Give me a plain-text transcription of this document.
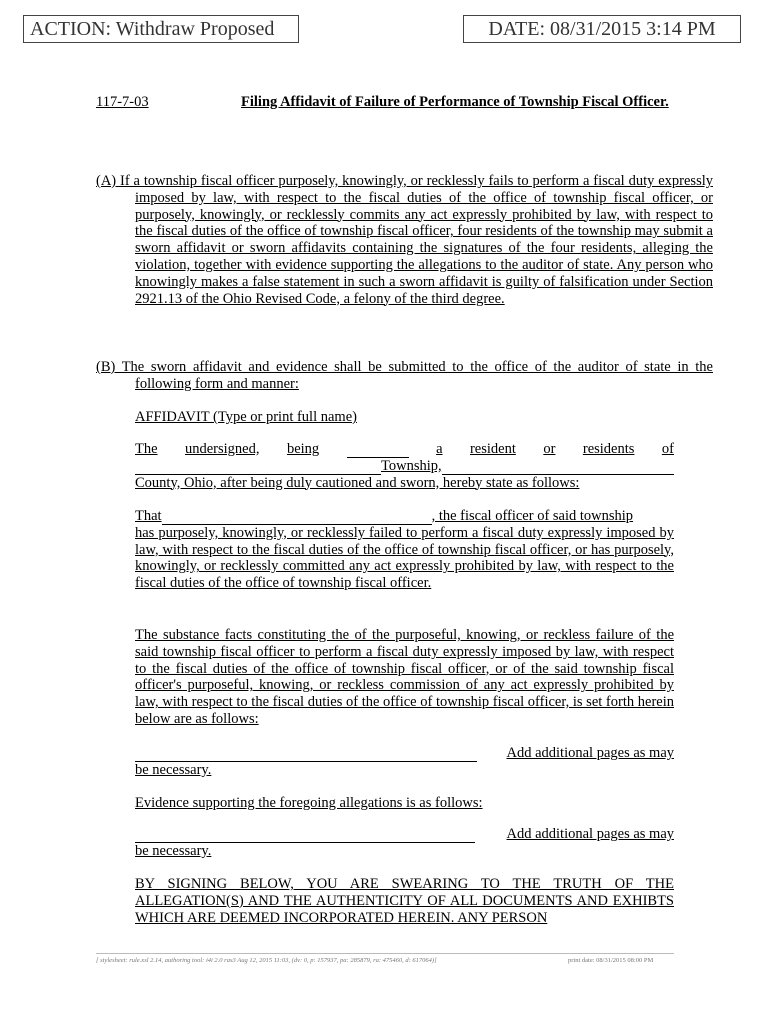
ACTION: Withdraw Proposed	DATE: 08/31/2015 3:14 PM
117-7-03	Filing Affidavit of Failure of Performance of Township Fiscal Officer.
(A) If a township fiscal officer purposely, knowingly, or recklessly fails to perform a fiscal duty expressly imposed by law, with respect to the fiscal duties of the office of township fiscal officer, or purposely, knowingly, or recklessly commits any act expressly prohibited by law, with respect to the fiscal duties of the office of township fiscal officer, four residents of the township may submit a sworn affidavit or sworn affidavits containing the signatures of the four residents, alleging the violation, together with evidence supporting the allegations to the auditor of state. Any person who knowingly makes a false statement in such a sworn affidavit is guilty of falsification under Section 2921.13 of the Ohio Revised Code, a felony of the third degree.
(B) The sworn affidavit and evidence shall be submitted to the office of the auditor of state in the following form and manner:
AFFIDAVIT (Type or print full name)
The undersigned, being	a resident or residents of
Township,
County, Ohio, after being duly cautioned and sworn, hereby state as follows:
That	, the fiscal officer of said township
has purposely, knowingly, or recklessly failed to perform a fiscal duty expressly imposed by law, with respect to the fiscal duties of the office of township fiscal officer, or has purposely, knowingly, or recklessly committed any act expressly prohibited by law, with respect to the fiscal duties of the office of township fiscal officer.
The substance facts constituting the of the purposeful, knowing, or reckless failure of the said township fiscal officer to perform a fiscal duty expressly imposed by law, with respect to the fiscal duties of the office of township fiscal officer, or of the said township fiscal officer's purposeful, knowing, or reckless commission of any act expressly prohibited by law, with respect to the fiscal duties of the office of township fiscal officer, is set forth herein below are as follows:
Add additional pages as may
be necessary.
Evidence supporting the foregoing allegations is as follows:
Add additional pages as may
be necessary.
BY SIGNING BELOW, YOU ARE SWEARING TO THE TRUTH OF THE ALLEGATION(S) AND THE AUTHENTICITY OF ALL DOCUMENTS AND EXHIBTS WHICH ARE DEEMED INCORPORATED HEREIN. ANY PERSON
[ stylesheet: rule.xsl 2.14, authoring tool: i4i 2.0 ras3 Aug 12, 2015 11:03, (dv: 0, p: 157937, pa: 285879, ra: 475460, d: 617064)]	print date: 08/31/2015 08:00 PM
